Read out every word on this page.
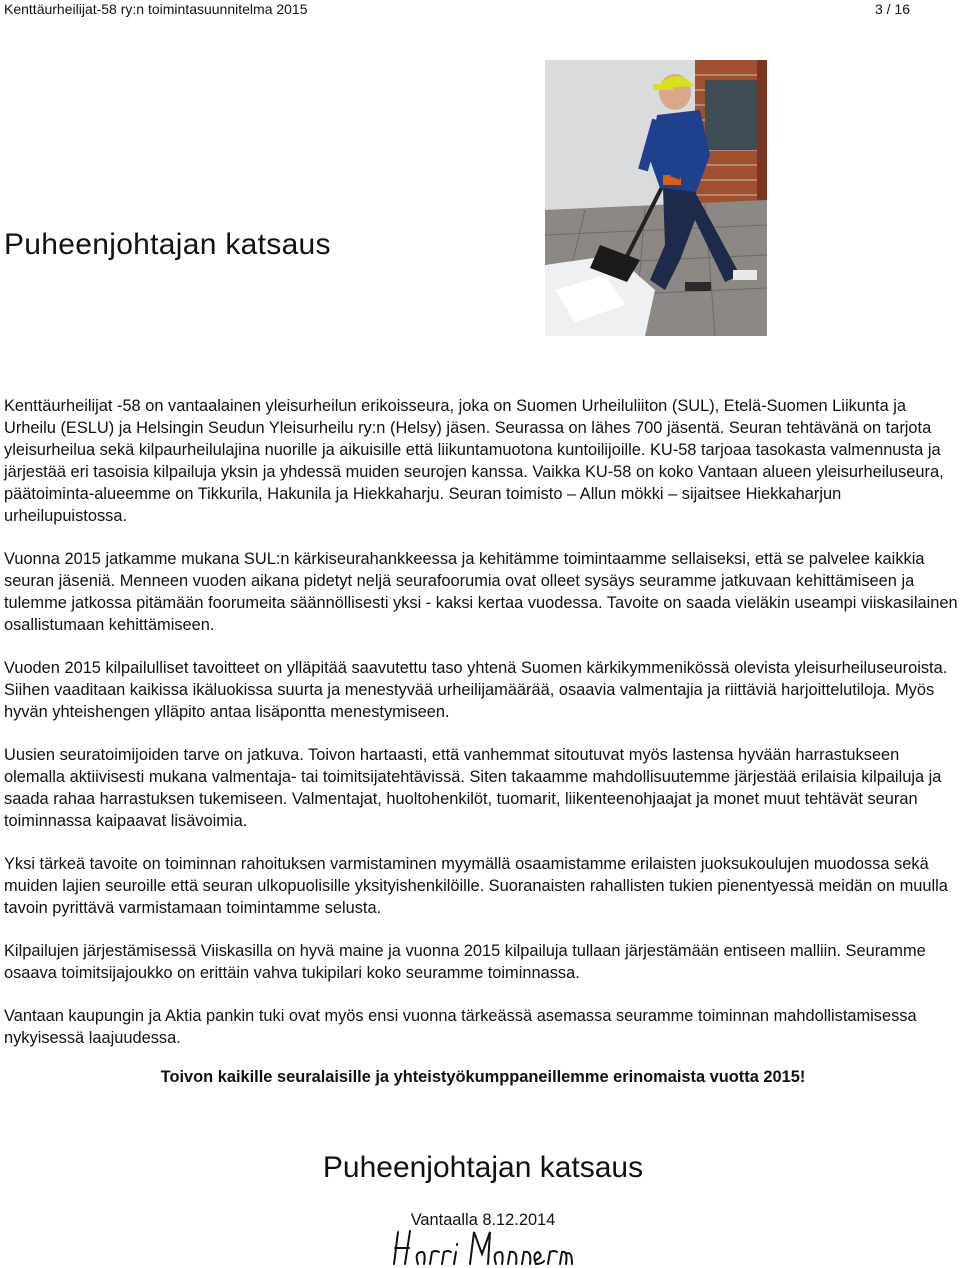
Kenttäurheilijat-58 ry:n toimintasuunnitelma 2015	3 / 16
Puheenjohtajan katsaus

Kenttäurheilijat -58 on vantaalainen yleisurheilun erikoisseura, joka on Suomen Urheiluliiton (SUL), Etelä-Suomen Liikunta ja Urheilu (ESLU) ja Helsingin Seudun Yleisurheilu ry:n (Helsy) jäsen. Seurassa on lähes 700 jäsentä. Seuran tehtävänä on tarjota yleisurheilua sekä kilpaurheilulajina nuorille ja aikuisille että liikuntamuotona kuntoilijoille. KU-58 tarjoaa tasokasta valmennusta ja järjestää eri tasoisia kilpailuja yksin ja yhdessä muiden seurojen kanssa. Vaikka KU-58 on koko Vantaan alueen yleisurheiluseura, päätoiminta-alueemme on Tikkurila, Hakunila ja Hiekkaharju. Seuran toimisto – Allun mökki – sijaitsee Hiekkaharjun urheilupuistossa.

Vuonna 2015 jatkamme mukana SUL:n kärkiseurahankkeessa ja kehitämme toimintaamme sellaiseksi, että se palvelee kaikkia seuran jäseniä. Menneen vuoden aikana pidetyt neljä seurafoorumia ovat olleet sysäys seuramme jatkuvaan kehittämiseen ja tulemme jatkossa pitämään foorumeita säännöllisesti yksi - kaksi kertaa vuodessa. Tavoite on saada vieläkin useampi viiskasilainen osallistumaan kehittämiseen.

Vuoden 2015 kilpailulliset tavoitteet on ylläpitää saavutettu taso yhtenä Suomen kärkikymmenikössä olevista yleisurheiluseuroista. Siihen vaaditaan kaikissa ikäluokissa suurta ja menestyvää urheilijamäärää, osaavia valmentajia ja riittäviä harjoittelutiloja. Myös hyvän yhteishengen ylläpito antaa lisäpontta menestymiseen.

Uusien seuratoimijoiden tarve on jatkuva. Toivon hartaasti, että vanhemmat sitoutuvat myös lastensa hyvään harrastukseen olemalla aktiivisesti mukana valmentaja- tai toimitsijatehtävissä. Siten takaamme mahdollisuutemme järjestää erilaisia kilpailuja ja saada rahaa harrastuksen tukemiseen. Valmentajat, huoltohenkilöt, tuomarit, liikenteenohjaajat ja monet muut tehtävät seuran toiminnassa kaipaavat lisävoimia.

Yksi tärkeä tavoite on toiminnan rahoituksen varmistaminen myymällä osaamistamme erilaisten juoksukoulujen muodossa sekä muiden lajien seuroille että seuran ulkopuolisille yksityishenkilöille. Suoranaisten rahallisten tukien pienentyessä meidän on muulla tavoin pyrittävä varmistamaan toimintamme selusta.

Kilpailujen järjestämisessä Viiskasilla on hyvä maine ja vuonna 2015 kilpailuja tullaan järjestämään entiseen malliin. Seuramme osaava toimitsijajoukko on erittäin vahva tukipilari koko seuramme toiminnassa.

Vantaan kaupungin ja Aktia pankin tuki ovat myös ensi vuonna tärkeässä asemassa seuramme toiminnan mahdollistamisessa nykyisessä laajuudessa.

Toivon kaikille seuralaisille ja yhteistyökumppaneillemme erinomaista vuotta 2015!
Puheenjohtajan katsaus
Vantaalla 8.12.2014
